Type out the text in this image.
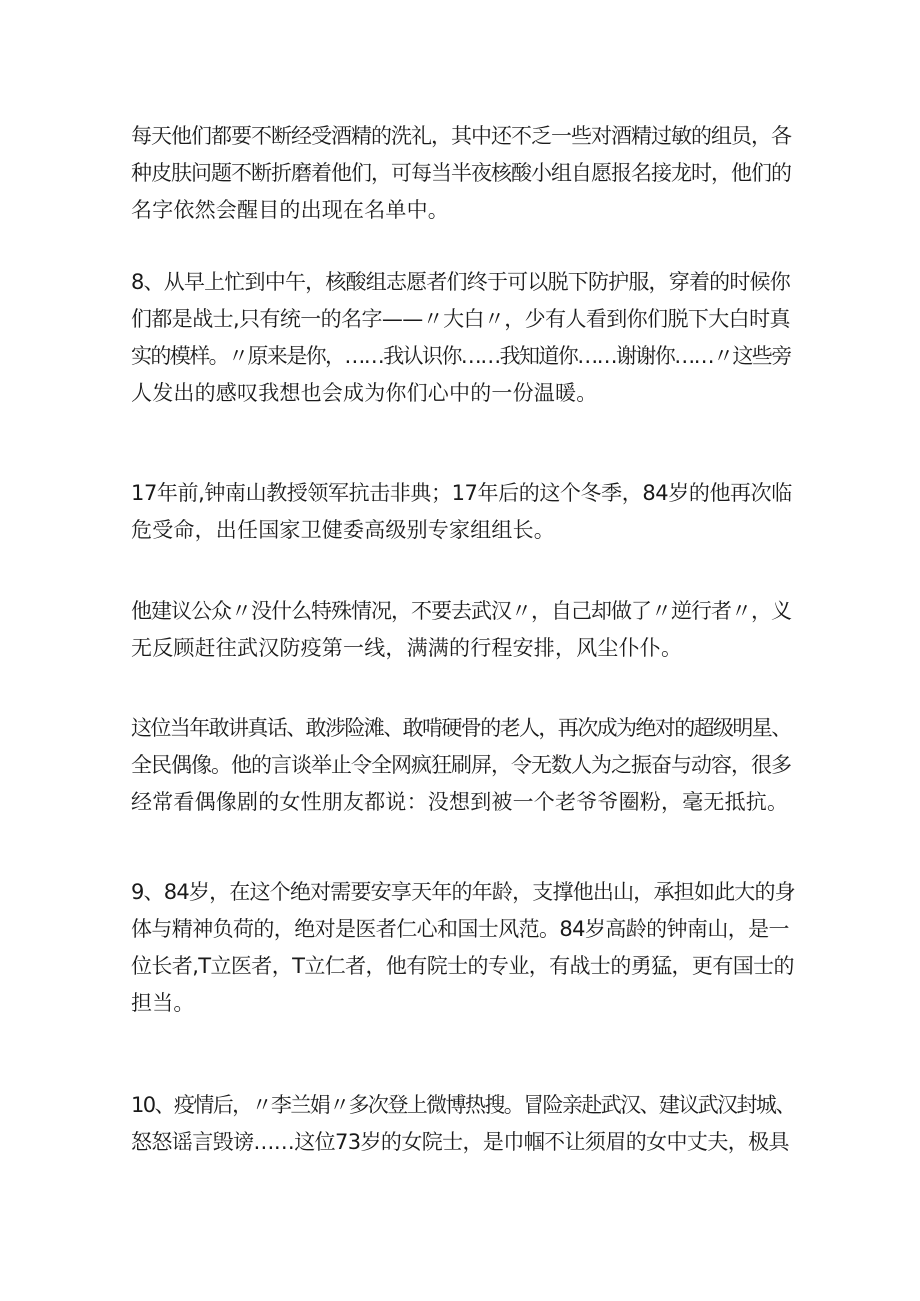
每天他们都要不断经受酒精的洗礼，其中还不乏一些对酒精过敏的组员，各
种皮肤问题不断折磨着他们，可每当半夜核酸小组自愿报名接龙时，他们的
名字依然会醒目的出现在名单中。
8、从早上忙到中午，核酸组志愿者们终于可以脱下防护服，穿着的时候你
们都是战士,只有统一的名字——〃大白〃，少有人看到你们脱下大白时真
实的模样。〃原来是你，……我认识你……我知道你……谢谢你……〃这些旁
人发出的感叹我想也会成为你们心中的一份温暖。
17年前,钟南山教授领军抗击非典；17年后的这个冬季，84岁的他再次临
危受命，出任国家卫健委高级别专家组组长。
他建议公众〃没什么特殊情况，不要去武汉〃，自己却做了〃逆行者〃，义
无反顾赶往武汉防疫第一线，满满的行程安排，风尘仆仆。
这位当年敢讲真话、敢涉险滩、敢啃硬骨的老人，再次成为绝对的超级明星、
全民偶像。他的言谈举止令全网疯狂刷屏，令无数人为之振奋与动容，很多
经常看偶像剧的女性朋友都说：没想到被一个老爷爷圈粉，毫无抵抗。
9、84岁，在这个绝对需要安享天年的年龄，支撑他出山，承担如此大的身
体与精神负荷的，绝对是医者仁心和国士风范。84岁高龄的钟南山，是一
位长者,T立医者，T立仁者，他有院士的专业，有战士的勇猛，更有国士的
担当。
10、疫情后，〃李兰娟〃多次登上微博热搜。冒险亲赴武汉、建议武汉封城、
怒怒谣言毁谤……这位73岁的女院士，是巾帼不让须眉的女中丈夫，极具
